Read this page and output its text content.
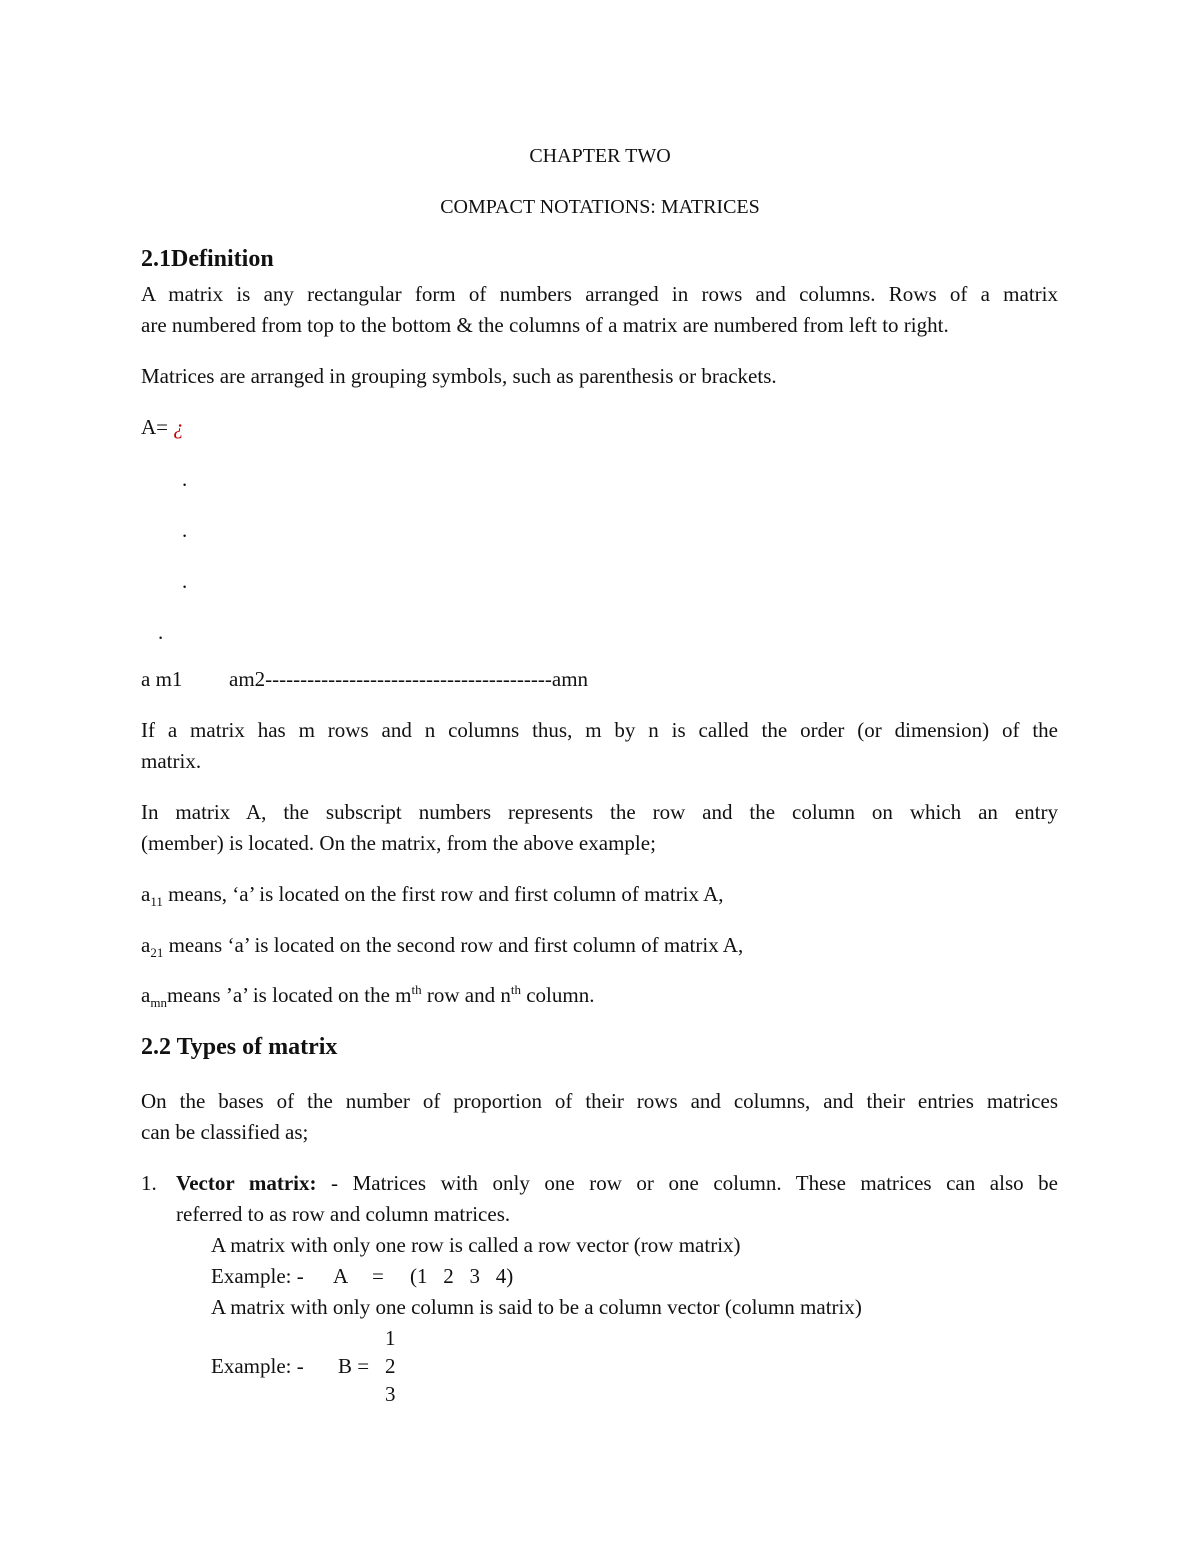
CHAPTER TWO
COMPACT NOTATIONS: MATRICES
2.1Definition
A matrix is any rectangular form of numbers arranged in rows and columns. Rows of a matrix
are numbered from top to the bottom & the columns of a matrix are numbered from left to right.
Matrices are arranged in grouping symbols, such as parenthesis or brackets.
A= ¿
.
.
.
.
a m1 am2-----------------------------------------amn
If a matrix has m rows and n columns thus, m by n is called the order (or dimension) of the
matrix.
In matrix A, the subscript numbers represents the row and the column on which an entry
(member) is located. On the matrix, from the above example;
$a_{11}$ means, ‘a’ is located on the first row and first column of matrix A,
$a_{21}$ means ‘a’ is located on the second row and first column of matrix A,
$a_{mn}means$ ’a’ is located on the $m^{th}$ row and $n^{th}$ column.
2.2 Types of matrix
On the bases of the number of proportion of their rows and columns, and their entries matrices
can be classified as;
1. Vector matrix: - Matrices with only one row or one column. These matrices can also be
referred to as row and column matrices.
A matrix with only one row is called a row vector (row matrix)
Example: - A = (1   2   3   4)
A matrix with only one column is said to be a column vector (column matrix)
1
Example: - B = 2
3
